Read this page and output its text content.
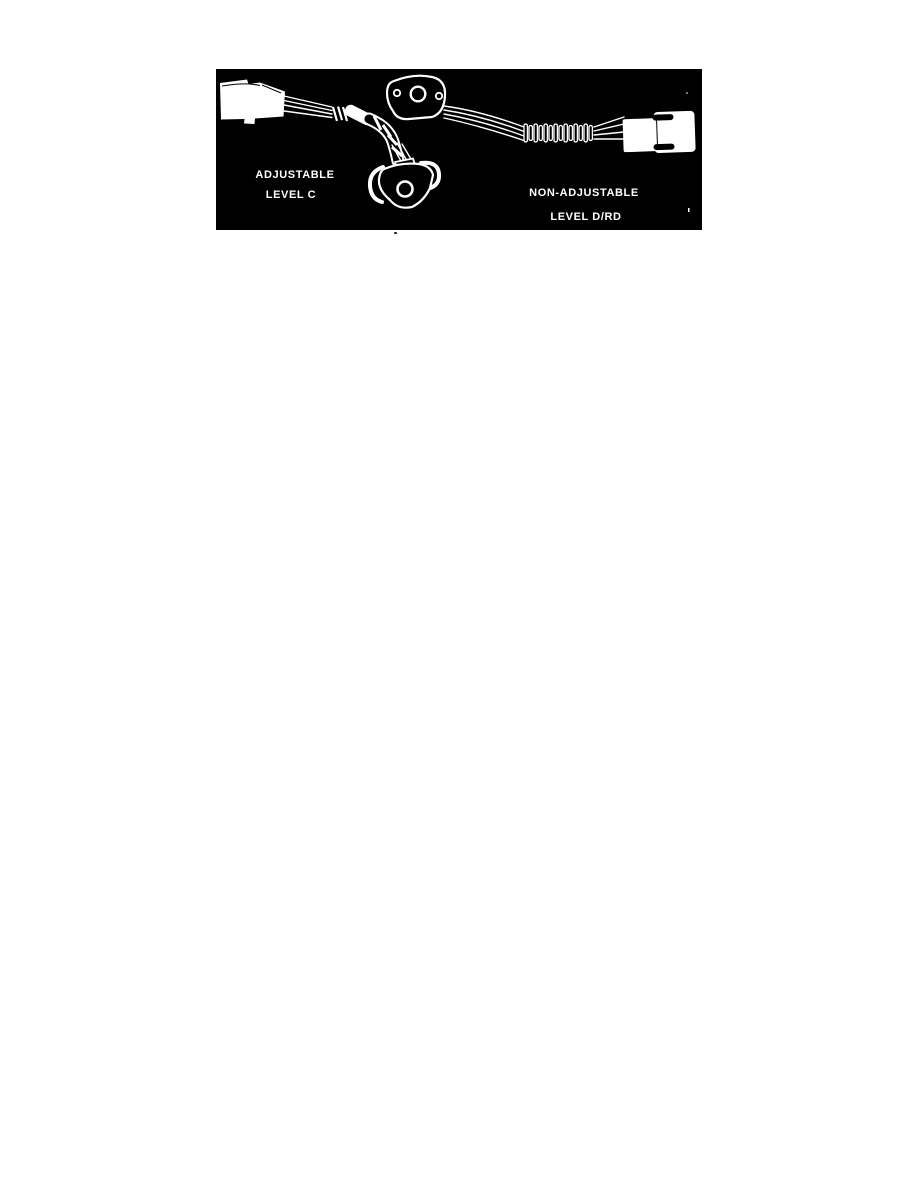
ADJUSTABLE
LEVEL C	NON-ADJUSTABLE
LEVEL D/RD
